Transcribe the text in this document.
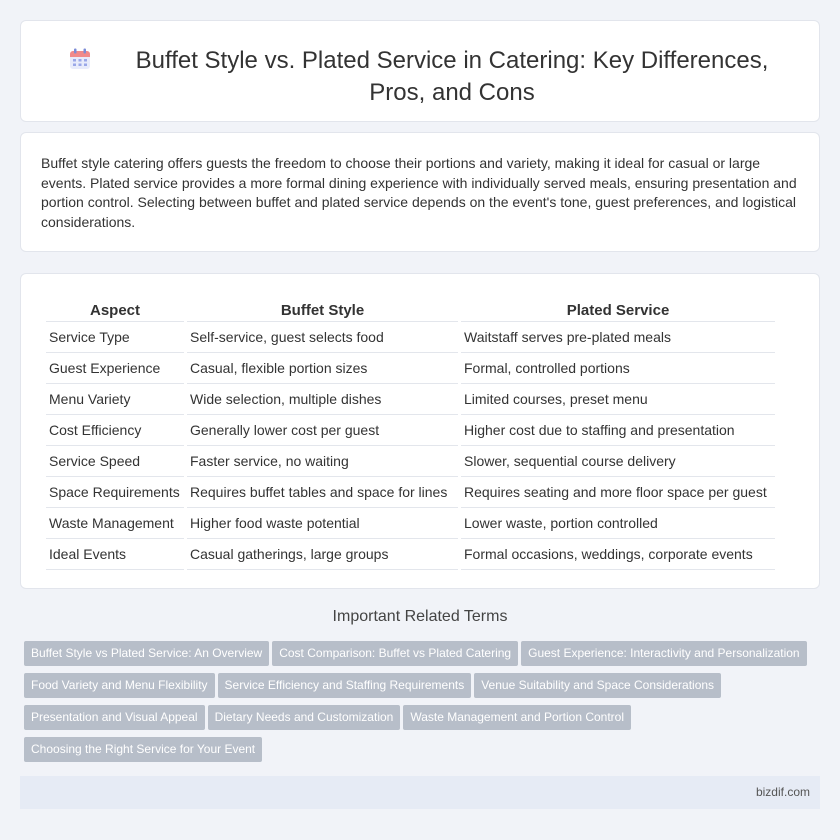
Buffet Style vs. Plated Service in Catering: Key Differences, Pros, and Cons

Buffet style catering offers guests the freedom to choose their portions and variety, making it ideal for casual or large events. Plated service provides a more formal dining experience with individually served meals, ensuring presentation and portion control. Selecting between buffet and plated service depends on the event's tone, guest preferences, and logistical considerations.

Aspect	Buffet Style	Plated Service
Service Type	Self-service, guest selects food	Waitstaff serves pre-plated meals
Guest Experience	Casual, flexible portion sizes	Formal, controlled portions
Menu Variety	Wide selection, multiple dishes	Limited courses, preset menu
Cost Efficiency	Generally lower cost per guest	Higher cost due to staffing and presentation
Service Speed	Faster service, no waiting	Slower, sequential course delivery
Space Requirements	Requires buffet tables and space for lines	Requires seating and more floor space per guest
Waste Management	Higher food waste potential	Lower waste, portion controlled
Ideal Events	Casual gatherings, large groups	Formal occasions, weddings, corporate events
Important Related Terms
Buffet Style vs Plated Service: An Overview Cost Comparison: Buffet vs Plated Catering Guest Experience: Interactivity and PersonalizationFood Variety and Menu Flexibility Service Efficiency and Staffing Requirements Venue Suitability and Space ConsiderationsPresentation and Visual Appeal Dietary Needs and Customization Waste Management and Portion ControlChoosing the Right Service for Your Event
bizdif.com
